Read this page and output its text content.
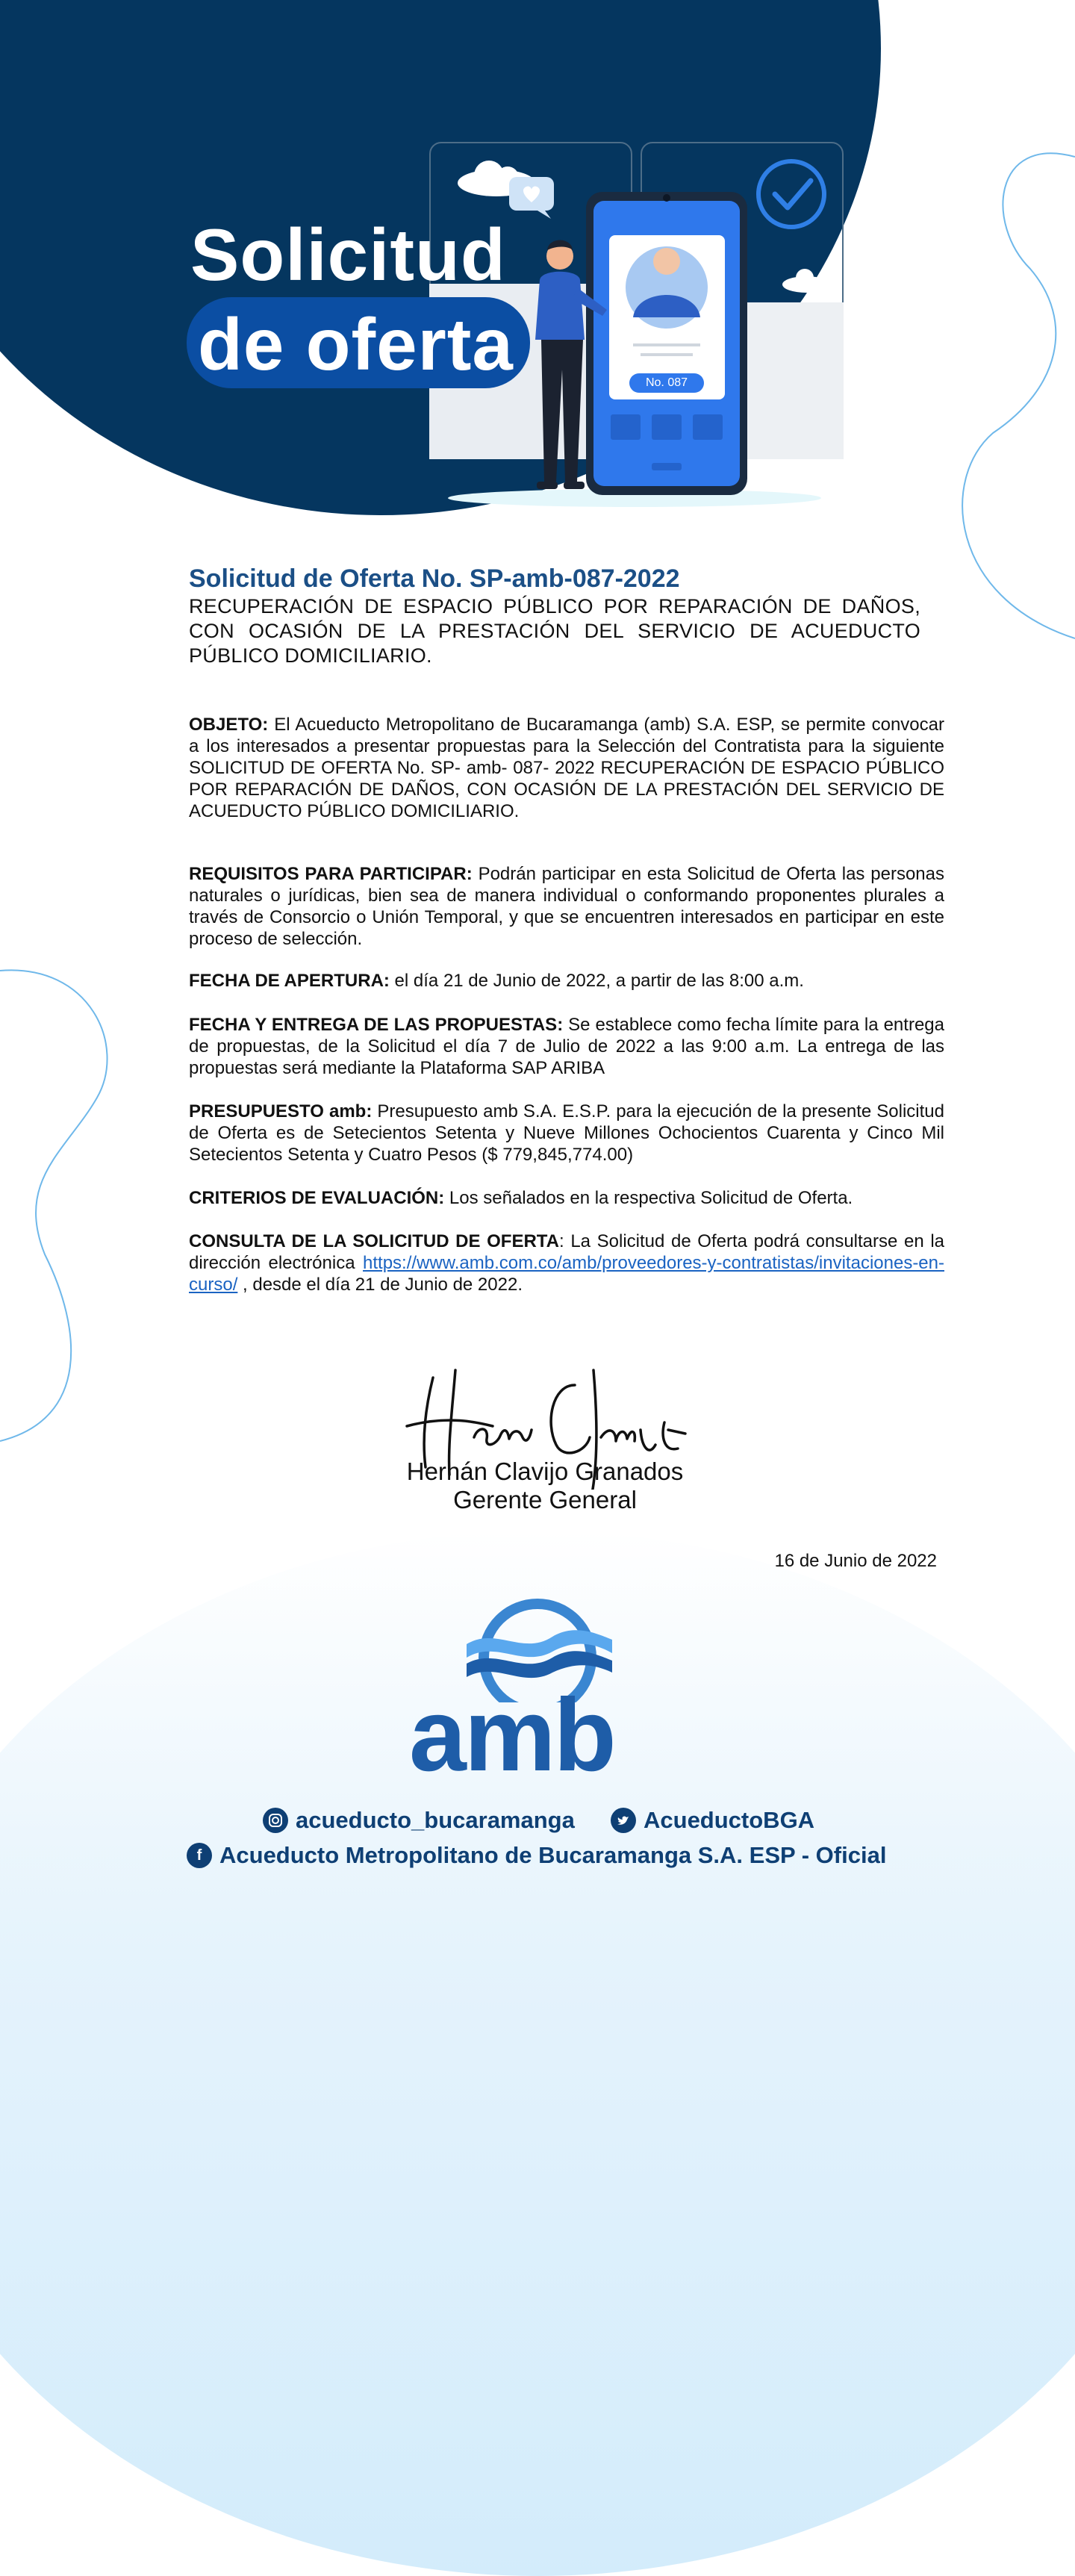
No. 087
Solicitud
de oferta
Solicitud de Oferta No. SP-amb-087-2022
RECUPERACIÓN DE ESPACIO PÚBLICO POR REPARACIÓN DE DAÑOS, CON OCASIÓN DE LA PRESTACIÓN DEL SERVICIO DE ACUEDUCTO PÚBLICO DOMICILIARIO.
OBJETO: El Acueducto Metropolitano de Bucaramanga (amb) S.A. ESP, se permite convocar a los interesados a presentar propuestas para la Selección del Contratista para la siguiente SOLICITUD DE OFERTA No. SP- amb- 087- 2022 RECUPERACIÓN DE ESPACIO PÚBLICO POR REPARACIÓN DE DAÑOS, CON OCASIÓN DE LA PRESTACIÓN DEL SERVICIO DE ACUEDUCTO PÚBLICO DOMICILIARIO.
REQUISITOS PARA PARTICIPAR: Podrán participar en esta Solicitud de Oferta las personas naturales o jurídicas, bien sea de manera individual o conformando proponentes plurales a través de Consorcio o Unión Temporal, y que se encuentren interesados en participar en este proceso de selección.
FECHA DE APERTURA: el día 21 de Junio de 2022, a partir de las 8:00 a.m.
FECHA Y ENTREGA DE LAS PROPUESTAS: Se establece como fecha límite para la entrega de propuestas, de la Solicitud el día 7 de Julio de 2022 a las 9:00 a.m. La entrega de las propuestas será mediante la Plataforma SAP ARIBA
PRESUPUESTO amb: Presupuesto amb S.A. E.S.P. para la ejecución de la presente Solicitud de Oferta es de Setecientos Setenta y Nueve Millones Ochocientos Cuarenta y Cinco Mil Setecientos Setenta y Cuatro Pesos ($ 779,845,774.00)
CRITERIOS DE EVALUACIÓN: Los señalados en la respectiva Solicitud de Oferta.
CONSULTA DE LA SOLICITUD DE OFERTA: La Solicitud de Oferta podrá consultarse en la dirección electrónica https://www.amb.com.co/amb/proveedores-y-contratistas/invitaciones-en-curso/ , desde el día 21 de Junio de 2022.
Hernán Clavijo Granados
Gerente General
16 de Junio de 2022
amb
acueducto_bucaramanga	AcueductoBGA
f Acueducto Metropolitano de Bucaramanga S.A. ESP - Oficial
